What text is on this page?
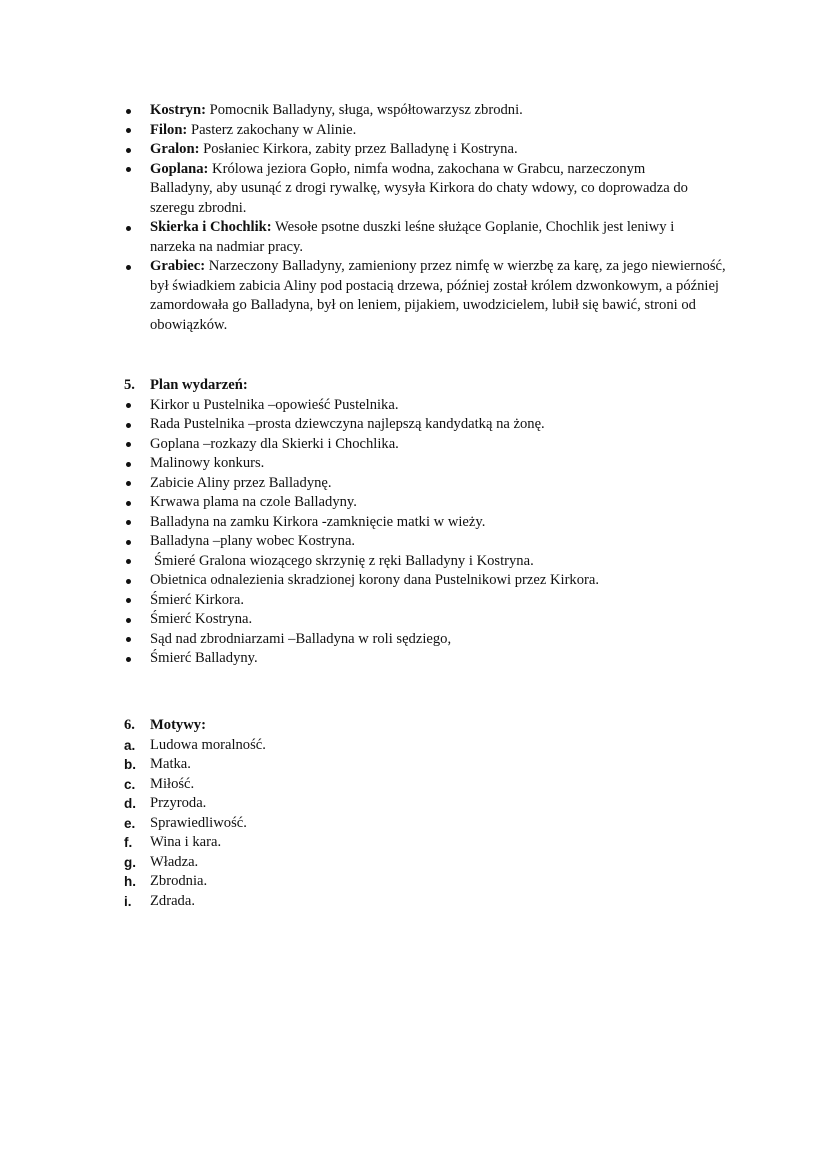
Kostryn: Pomocnik Balladyny, sługa, współtowarzysz zbrodni.
Filon: Pasterz zakochany w Alinie.
Gralon: Posłaniec Kirkora, zabity przez Balladynę i Kostryna.
Goplana: Królowa jeziora Gopło, nimfa wodna, zakochana w Grabcu, narzeczonym Balladyny, aby usunąć z drogi rywalkę, wysyła Kirkora do chaty wdowy, co doprowadza do szeregu zbrodni.
Skierka i Chochlik: Wesołe psotne duszki leśne służące Goplanie, Chochlik jest leniwy i narzeka na nadmiar pracy.
Grabiec: Narzeczony Balladyny, zamieniony przez nimfę w wierzbę za karę, za jego niewierność, był świadkiem zabicia Aliny pod postacią drzewa, później został królem dzwonkowym, a później zamordowała go Balladyna, był on leniem, pijakiem, uwodzicielem, lubił się bawić, stroni od obowiązków.
5.	Plan wydarzeń:
Kirkor u Pustelnika –opowieść Pustelnika.
Rada Pustelnika –prosta dziewczyna najlepszą kandydatką na żonę.
Goplana –rozkazy dla Skierki i Chochlika.
Malinowy konkurs.
Zabicie Aliny przez Balladynę.
Krwawa plama na czole Balladyny.
Balladyna na zamku Kirkora -zamknięcie matki w wieży.
Balladyna –plany wobec Kostryna.
Śmieré Gralona wiozącego skrzynię z ręki Balladyny i Kostryna.
Obietnica odnalezienia skradzionej korony dana Pustelnikowi przez Kirkora.
Śmierć Kirkora.
Śmierć Kostryna.
Sąd nad zbrodniarzami –Balladyna w roli sędziego,
Śmierć Balladyny.
6.	Motywy:
a.	Ludowa moralność.
b. Matka.
c.	Miłość.
d. Przyroda.
e.	Sprawiedliwość.
f.	Wina i kara.
g. Władza.
h. Zbrodnia.
i.	Zdrada.
